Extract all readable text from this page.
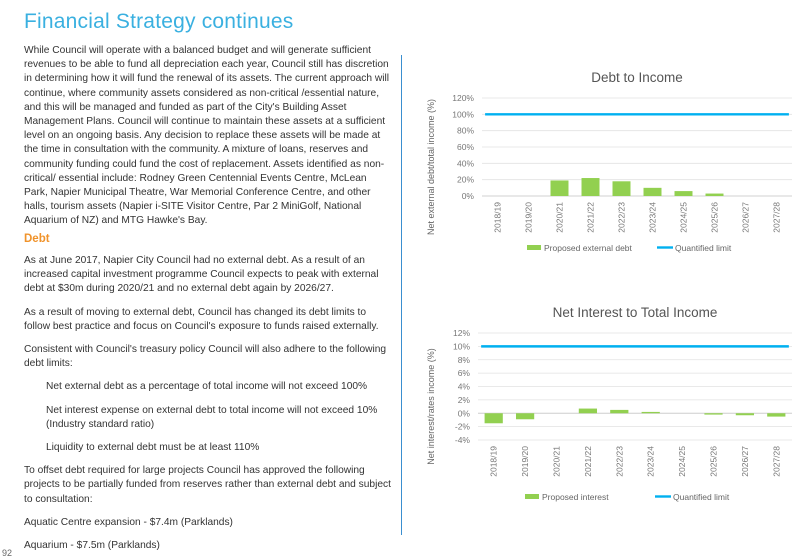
Financial Strategy continues

While Council will operate with a balanced budget and will generate sufficient revenues to be able to fund all depreciation each year, Council still has discretion in determining how it will fund the renewal of its assets. The current approach will continue, where community assets considered as non-critical /essential nature, and this will be managed and funded as part of the City's Building Asset Management Plans. Council will continue to maintain these assets at a sufficient level on an ongoing basis. Any decision to replace these assets will be made at the time in consultation with the community. A mixture of loans, reserves and community funding could fund the cost of replacement. Assets identified as non-critical/ essential include: Rodney Green Centennial Events Centre, McLean Park, Napier Municipal Theatre, War Memorial Conference Centre, and other halls, tourism assets (Napier i-SITE Visitor Centre, Par 2 MiniGolf, National Aquarium of NZ) and MTG Hawke's Bay.

Debt

As at June 2017, Napier City Council had no external debt. As a result of an increased capital investment programme Council expects to peak with external debt at $30m during 2020/21 and no external debt again by 2026/27.

As a result of moving to external debt, Council has changed its debt limits to follow best practice and focus on Council's exposure to funds raised externally.

Consistent with Council's treasury policy Council will also adhere to the following debt limits:

Net external debt as a percentage of total income will not exceed 100%

Net interest expense on external debt to total income will not exceed 10% (Industry standard ratio)

Liquidity to external debt must be at least 110%

To offset debt required for large projects Council has approved the following projects to be partially funded from reserves rather than external debt and subject to consultation:

Aquatic Centre expansion - $7.4m (Parklands)

Aquarium - $7.5m (Parklands)

Debt to Income
Net external debt/total income (%)	0%
20%
40%
60%
80%
100%
120%
2018/19 2019/20 2020/21 2021/22 2022/23 2023/24 2024/25 2025/26 2026/27 2027/28
Proposed external debt	Quantified limit
Net Interest to Total Income
Net interest/rates income (%) -4%
-2%
0%
2%
4%
6%
8%
10%
12%
2018/19	2019/20	2020/21	2021/22	2022/23	2023/24	2024/25	2025/26	2026/27	2027/28
Proposed interest	Quantified limit
92
